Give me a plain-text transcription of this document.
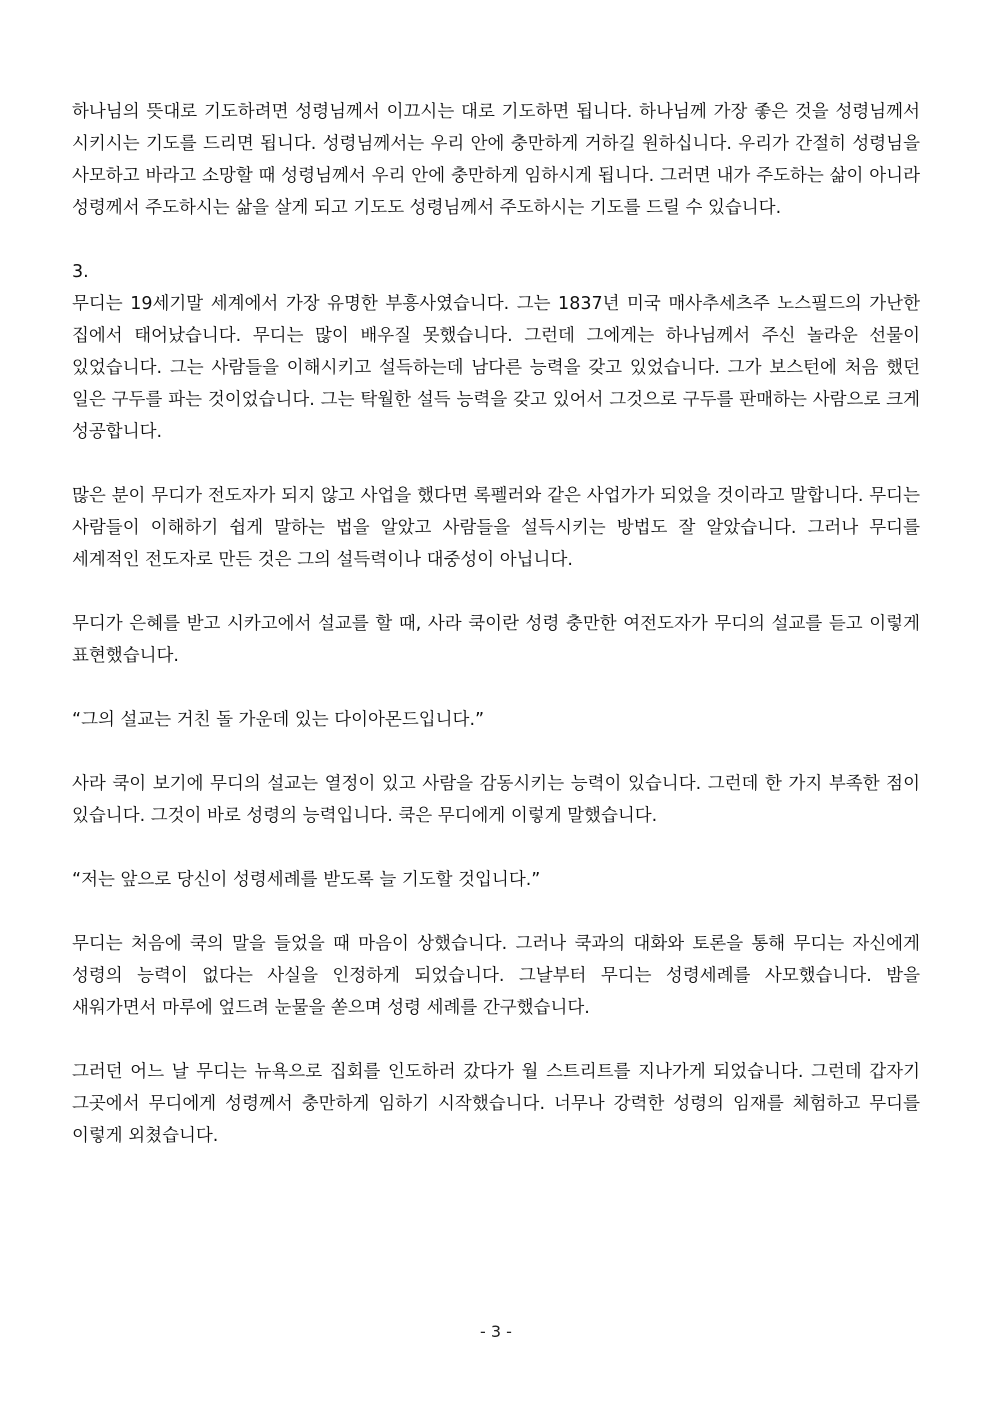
하나님의 뜻대로 기도하려면 성령님께서 이끄시는 대로 기도하면 됩니다. 하나님께 가장 좋은 것을 성령님께서 시키시는 기도를 드리면 됩니다. 성령님께서는 우리 안에 충만하게 거하길 원하십니다. 우리가 간절히 성령님을 사모하고 바라고 소망할 때 성령님께서 우리 안에 충만하게 임하시게 됩니다. 그러면 내가 주도하는 삶이 아니라 성령께서 주도하시는 삶을 살게 되고 기도도 성령님께서 주도하시는 기도를 드릴 수 있습니다.

3.
무디는 19세기말 세계에서 가장 유명한 부흥사였습니다. 그는 1837년 미국 매사추세츠주 노스필드의 가난한 집에서 태어났습니다. 무디는 많이 배우질 못했습니다. 그런데 그에게는 하나님께서 주신 놀라운 선물이 있었습니다. 그는 사람들을 이해시키고 설득하는데 남다른 능력을 갖고 있었습니다. 그가 보스턴에 처음 했던 일은 구두를 파는 것이었습니다. 그는 탁월한 설득 능력을 갖고 있어서 그것으로 구두를 판매하는 사람으로 크게 성공합니다.

많은 분이 무디가 전도자가 되지 않고 사업을 했다면 록펠러와 같은 사업가가 되었을 것이라고 말합니다. 무디는 사람들이 이해하기 쉽게 말하는 법을 알았고 사람들을 설득시키는 방법도 잘 알았습니다. 그러나 무디를 세계적인 전도자로 만든 것은 그의 설득력이나 대중성이 아닙니다.

무디가 은혜를 받고 시카고에서 설교를 할 때, 사라 쿡이란 성령 충만한 여전도자가 무디의 설교를 듣고 이렇게 표현했습니다.

“그의 설교는 거친 돌 가운데 있는 다이아몬드입니다.”

사라 쿡이 보기에 무디의 설교는 열정이 있고 사람을 감동시키는 능력이 있습니다. 그런데 한 가지 부족한 점이 있습니다. 그것이 바로 성령의 능력입니다. 쿡은 무디에게 이렇게 말했습니다.

“저는 앞으로 당신이 성령세례를 받도록 늘 기도할 것입니다.”

무디는 처음에 쿡의 말을 들었을 때 마음이 상했습니다. 그러나 쿡과의 대화와 토론을 통해 무디는 자신에게 성령의 능력이 없다는 사실을 인정하게 되었습니다. 그날부터 무디는 성령세례를 사모했습니다. 밤을 새워가면서 마루에 엎드려 눈물을 쏟으며 성령 세례를 간구했습니다.

그러던 어느 날 무디는 뉴욕으로 집회를 인도하러 갔다가 월 스트리트를 지나가게 되었습니다. 그런데 갑자기 그곳에서 무디에게 성령께서 충만하게 임하기 시작했습니다. 너무나 강력한 성령의 임재를 체험하고 무디를 이렇게 외쳤습니다.

- 3 -
